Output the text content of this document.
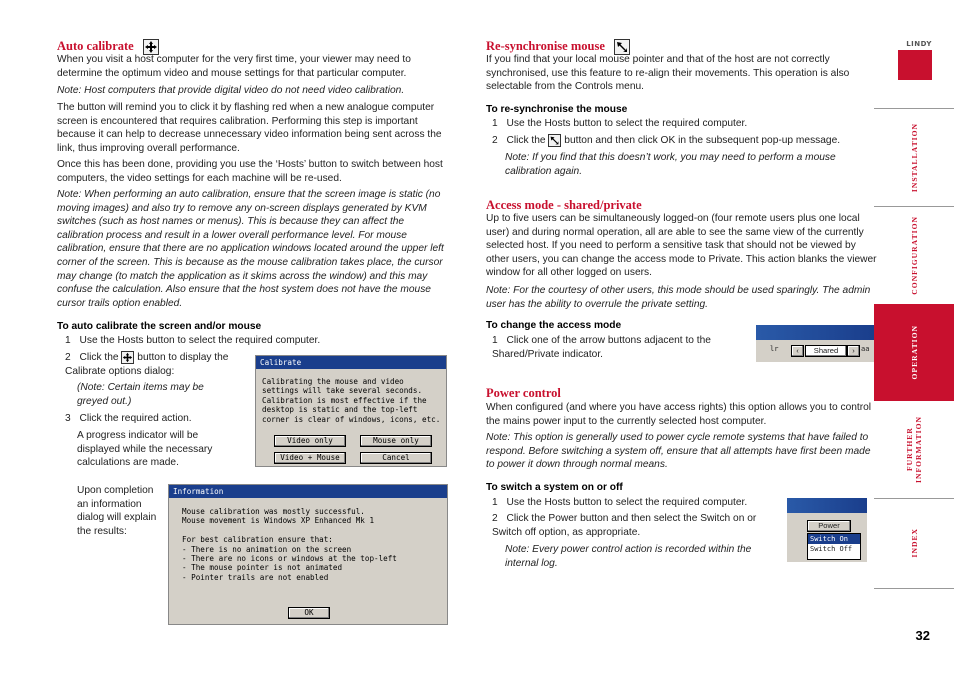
Auto calibrate

When you visit a host computer for the very first time, your viewer may need to determine the optimum video and mouse settings for that particular computer.

Note: Host computers that provide digital video do not need video calibration.

The button will remind you to click it by flashing red when a new analogue computer screen is encountered that requires calibration. Performing this step is important because it can help to decrease unnecessary video information being sent across the link, thus improving overall performance.

Once this has been done, providing you use the ‘Hosts’ button to switch between host computers, the video settings for each machine will be re-used.

Note: When performing an auto calibration, ensure that the screen image is static (no moving images) and also try to remove any on-screen displays generated by KVM switches (such as host names or menus). This is because they can affect the calibration process and result in a lower overall performance level. For mouse calibration, ensure that there are no application windows located around the upper left corner of the screen. This is because as the mouse calibration takes place, the cursor may change (to match the application as it skims across the window) and this may confuse the calculation. Also ensure that the host system does not have the mouse cursor trails option enabled.

To auto calibrate the screen and/or mouse
1 Use the Hosts button to select the required computer.
2 Click the button to display the Calibrate options dialog:

(Note: Certain items may be greyed out.)

3 Click the required action.

A progress indicator will be displayed while the necessary calculations are made.

Upon completion an information dialog will explain the results:

Calibrate
Calibrating the mouse and video
settings will take several seconds.
Calibration is most effective if the
desktop is static and the top-left
corner is clear of windows, icons, etc.
Video only	Mouse only
Video + Mouse	Cancel
Information
Mouse calibration was mostly successful.
Mouse movement is Windows XP Enhanced Mk 1

For best calibration ensure that:
- There is no animation on the screen
- There are no icons or windows at the top-left
- The mouse pointer is not animated
- Pointer trails are not enabled
OK
Re-synchronise mouse

If you find that your local mouse pointer and that of the host are not correctly synchronised, use this feature to re-align their movements. This operation is also selectable from the Controls menu.

To re-synchronise the mouse
1 Use the Hosts button to select the required computer.
2 Click the button and then click OK in the subsequent pop-up message.

Note: If you find that this doesn’t work, you may need to perform a mouse calibration again.

Access mode - shared/private

Up to five users can be simultaneously logged-on (four remote users plus one local user) and during normal operation, all are able to see the same view of the currently selected host. If you need to perform a sensitive task that should not be viewed by other users, you can change the access mode to Private. This action blanks the viewer window for all other logged on users.

Note: For the courtesy of other users, this mode should be used sparingly. The admin user has the ability to overrule the private setting.

To change the access mode
1 Click one of the arrow buttons adjacent to the Shared/Private indicator.	lr	‹	Shared	› aa
Power control

When configured (and where you have access rights) this option allows you to control the mains power input to the currently selected host computer.

Note: This option is generally used to power cycle remote systems that have failed to respond. Before switching a system off, ensure that all attempts have first been made to power it down through normal means.

To switch a system on or off
1 Use the Hosts button to select the required computer.
2 Click the Power button and then select the Switch on or Switch off option, as appropriate.

Note: Every power control action is recorded within the internal log.

Power
Switch On
Switch Off
LINDY
INSTALLATION
CONFIGURATION
OPERATION
FURTHER INFORMATION
INDEX
32
